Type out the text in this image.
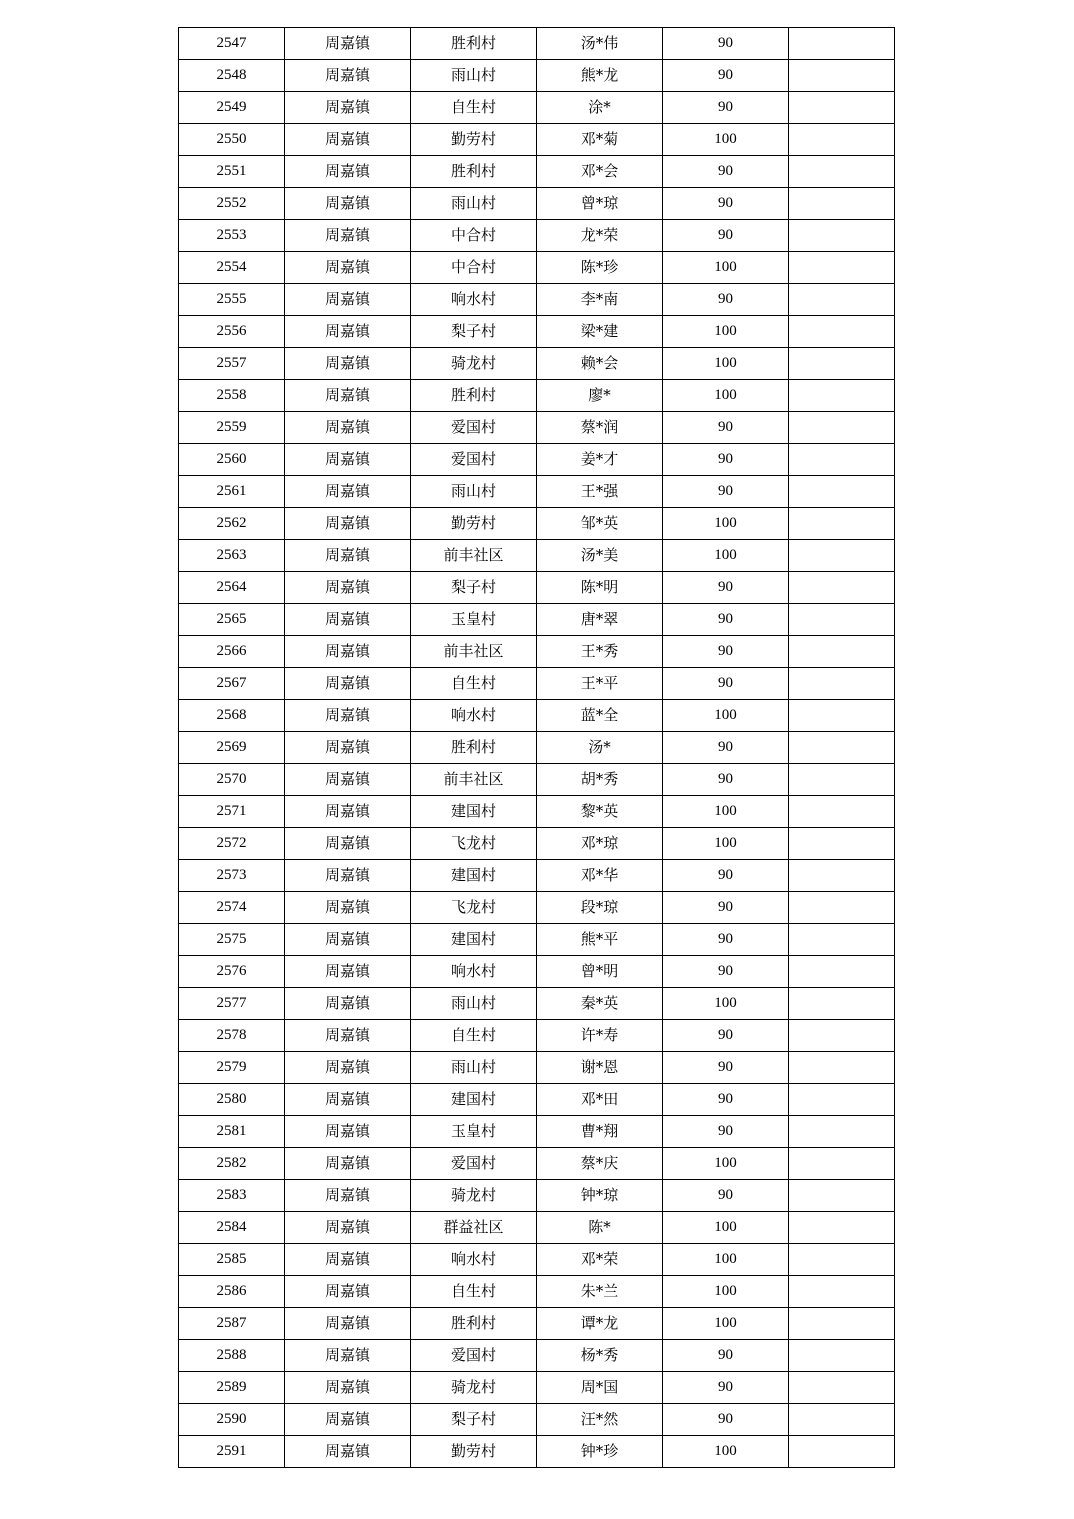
2547	周嘉镇	胜利村	汤*伟	90	
2548	周嘉镇	雨山村	熊*龙	90	
2549	周嘉镇	自生村	涂*	90	
2550	周嘉镇	勤劳村	邓*菊	100	
2551	周嘉镇	胜利村	邓*会	90	
2552	周嘉镇	雨山村	曾*琼	90	
2553	周嘉镇	中合村	龙*荣	90	
2554	周嘉镇	中合村	陈*珍	100	
2555	周嘉镇	响水村	李*南	90	
2556	周嘉镇	梨子村	梁*建	100	
2557	周嘉镇	骑龙村	赖*会	100	
2558	周嘉镇	胜利村	廖*	100	
2559	周嘉镇	爱国村	蔡*润	90	
2560	周嘉镇	爱国村	姜*才	90	
2561	周嘉镇	雨山村	王*强	90	
2562	周嘉镇	勤劳村	邹*英	100	
2563	周嘉镇	前丰社区	汤*美	100	
2564	周嘉镇	梨子村	陈*明	90	
2565	周嘉镇	玉皇村	唐*翠	90	
2566	周嘉镇	前丰社区	王*秀	90	
2567	周嘉镇	自生村	王*平	90	
2568	周嘉镇	响水村	蓝*全	100	
2569	周嘉镇	胜利村	汤*	90	
2570	周嘉镇	前丰社区	胡*秀	90	
2571	周嘉镇	建国村	黎*英	100	
2572	周嘉镇	飞龙村	邓*琼	100	
2573	周嘉镇	建国村	邓*华	90	
2574	周嘉镇	飞龙村	段*琼	90	
2575	周嘉镇	建国村	熊*平	90	
2576	周嘉镇	响水村	曾*明	90	
2577	周嘉镇	雨山村	秦*英	100	
2578	周嘉镇	自生村	许*寿	90	
2579	周嘉镇	雨山村	谢*恩	90	
2580	周嘉镇	建国村	邓*田	90	
2581	周嘉镇	玉皇村	曹*翔	90	
2582	周嘉镇	爱国村	蔡*庆	100	
2583	周嘉镇	骑龙村	钟*琼	90	
2584	周嘉镇	群益社区	陈*	100	
2585	周嘉镇	响水村	邓*荣	100	
2586	周嘉镇	自生村	朱*兰	100	
2587	周嘉镇	胜利村	谭*龙	100	
2588	周嘉镇	爱国村	杨*秀	90	
2589	周嘉镇	骑龙村	周*国	90	
2590	周嘉镇	梨子村	汪*然	90	
2591	周嘉镇	勤劳村	钟*珍	100	
